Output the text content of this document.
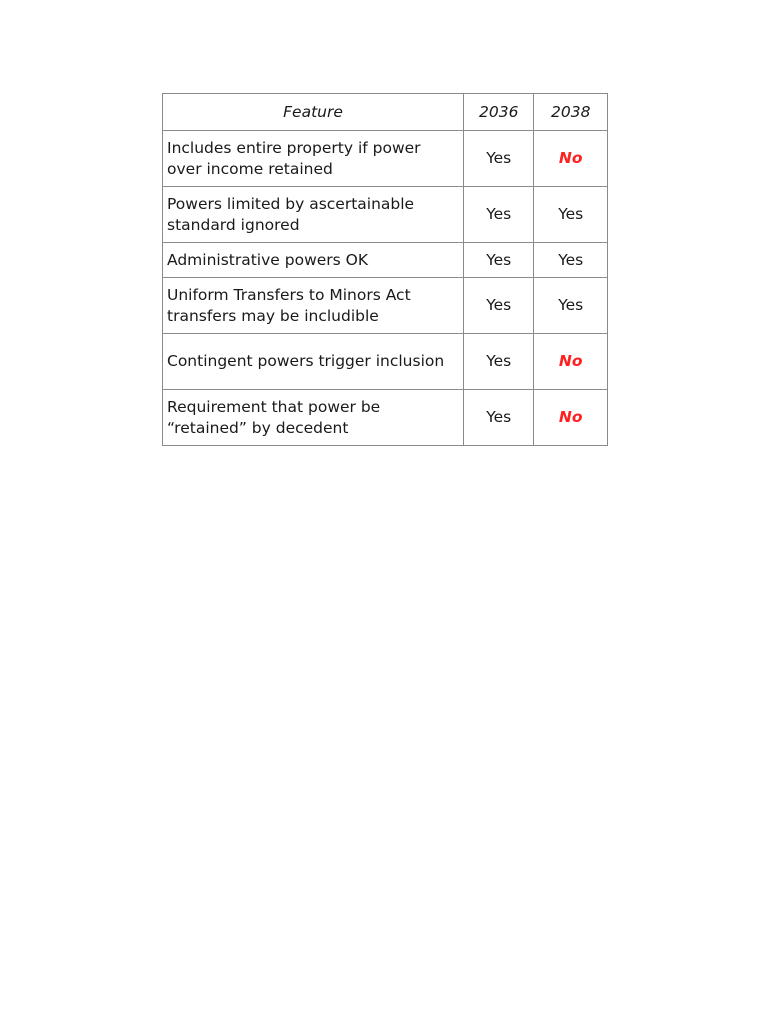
Feature	2036	2038
Includes entire property if power over income retained	Yes	No
Powers limited by ascertainable standard ignored	Yes	Yes
Administrative powers OK	Yes	Yes
Uniform Transfers to Minors Act transfers may be includible	Yes	Yes
Contingent powers trigger inclusion	Yes	No
Requirement that power be “retained” by decedent	Yes	No
